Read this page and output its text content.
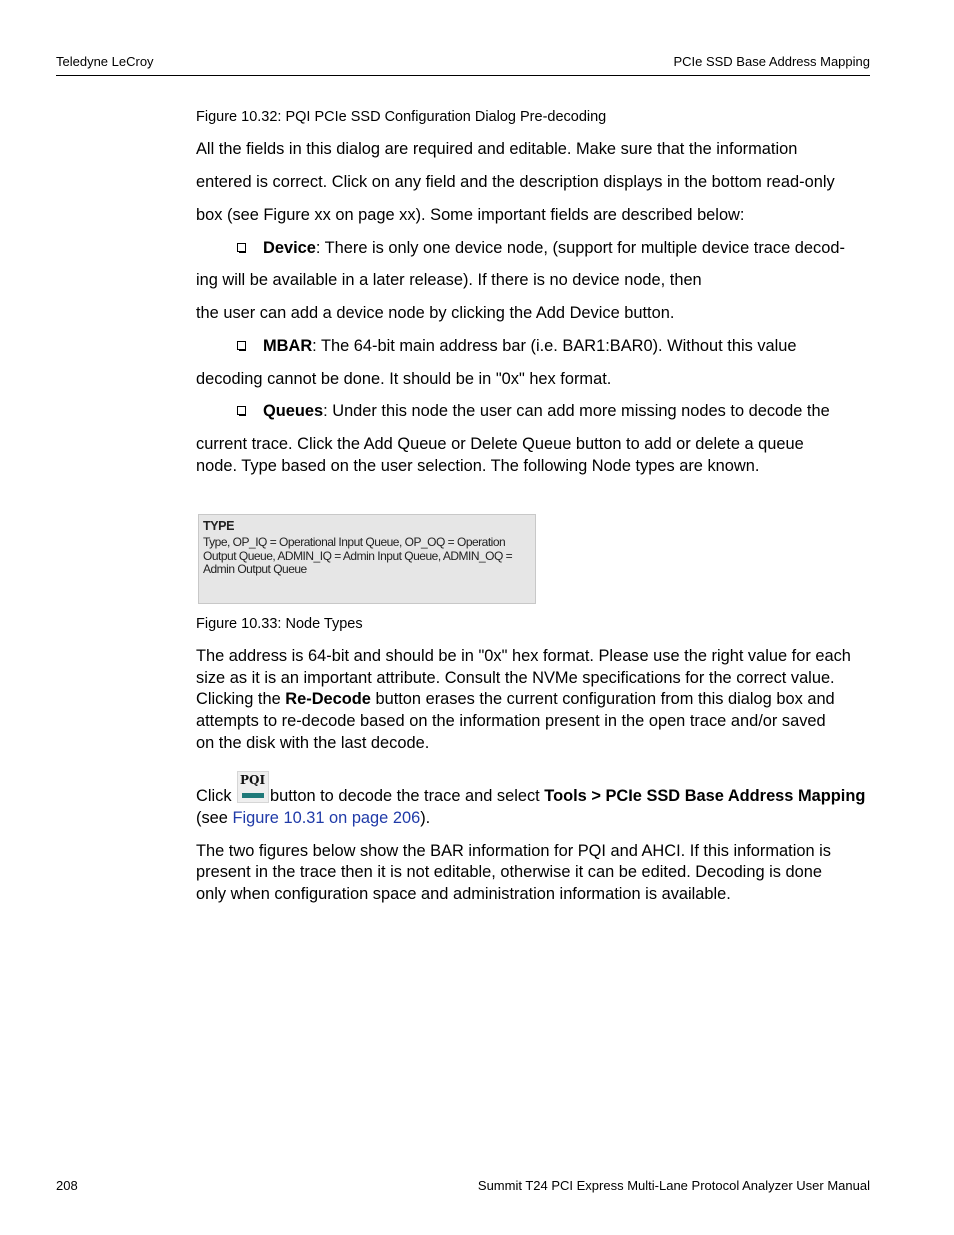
Teledyne LeCroy	PCIe SSD Base Address Mapping
Figure 10.32: PQI PCIe SSD Configuration Dialog Pre-decoding
All the fields in this dialog are required and editable. Make sure that the information
entered is correct. Click on any field and the description displays in the bottom read-only
box (see Figure xx on page xx). Some important fields are described below:
Device: There is only one device node, (support for multiple device trace decod-
ing will be available in a later release). If there is no device node, then
the user can add a device node by clicking the Add Device button.
MBAR: The 64-bit main address bar (i.e. BAR1:BAR0). Without this value
decoding cannot be done. It should be in "0x" hex format.
Queues: Under this node the user can add more missing nodes to decode the
current trace. Click the Add Queue or Delete Queue button to add or delete a queue
node. Type based on the user selection. The following Node types are known.
TYPE
Type, OP_IQ = Operational Input Queue, OP_OQ = Operation Output Queue, ADMIN_IQ = Admin Input Queue, ADMIN_OQ = Admin Output Queue
Figure 10.33: Node Types
The address is 64-bit and should be in "0x" hex format. Please use the right value for each
size as it is an important attribute. Consult the NVMe specifications for the correct value.
Clicking the Re-Decode button erases the current configuration from this dialog box and
attempts to re-decode based on the information present in the open trace and/or saved
on the disk with the last decode.
Click
PQI
button to decode the trace and select Tools > PCIe SSD Base Address Mapping
(see Figure 10.31 on page 206).
The two figures below show the BAR information for PQI and AHCI. If this information is
present in the trace then it is not editable, otherwise it can be edited. Decoding is done
only when configuration space and administration information is available.
208	Summit T24 PCI Express Multi-Lane Protocol Analyzer User Manual
